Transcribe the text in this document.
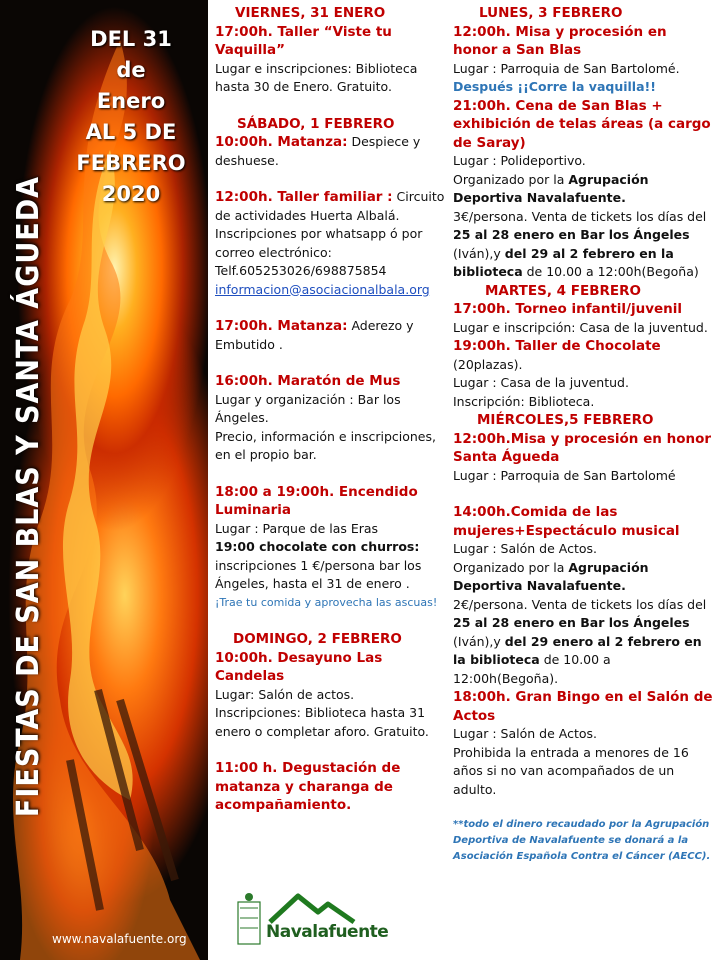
DEL 31 de
Enero
AL 5 DE
FEBRERO
2020
FIESTAS DE SAN BLAS Y SANTA ÁGUEDA
www.navalafuente.org
VIERNES, 31 ENERO
17:00h. Taller “Viste tu Vaquilla”
Lugar e inscripciones: Biblioteca hasta 30 de Enero. Gratuito.
SÁBADO, 1 FEBRERO
10:00h. Matanza: Despiece y deshuese.
12:00h. Taller familiar : Circuito de actividades Huerta Albalá. Inscripciones por whatsapp ó por correo electrónico: Telf.605253026/698875854
informacion@asociacionalbala.org
17:00h. Matanza: Aderezo y Embutido .
16:00h. Maratón de Mus
Lugar y organización : Bar los Ángeles.
Precio, información e inscripciones, en el propio bar.
18:00 a 19:00h. Encendido Luminaria
Lugar : Parque de las Eras
19:00 chocolate con churros: inscripciones 1 €/persona bar los Ángeles, hasta el 31 de enero .
¡Trae tu comida y aprovecha las ascuas!
DOMINGO, 2 FEBRERO
10:00h. Desayuno Las Candelas
Lugar: Salón de actos.
Inscripciones: Biblioteca hasta 31 enero o completar aforo. Gratuito.
11:00 h. Degustación de matanza y charanga de acompañamiento.
LUNES, 3 FEBRERO
12:00h. Misa y procesión en honor a San Blas
Lugar : Parroquia de San Bartolomé.
Después ¡¡Corre la vaquilla!!
21:00h. Cena de San Blas + exhibición de telas áreas (a cargo de Saray)
Lugar : Polideportivo.
Organizado por la Agrupación Deportiva Navalafuente.
3€/persona. Venta de tickets los días del 25 al 28 enero en Bar los Ángeles (Iván),y del 29 al 2 febrero en la biblioteca de 10.00 a 12:00h(Begoña)
MARTES, 4 FEBRERO
17:00h. Torneo infantil/juvenil
Lugar e inscripción: Casa de la juventud.
19:00h. Taller de Chocolate (20plazas).
Lugar : Casa de la juventud.
Inscripción: Biblioteca.
MIÉRCOLES,5 FEBRERO
12:00h.Misa y procesión en honor Santa Águeda
Lugar : Parroquia de San Bartolomé
14:00h.Comida de las mujeres+Espectáculo musical
Lugar : Salón de Actos.
Organizado por la Agrupación Deportiva Navalafuente.
2€/persona. Venta de tickets los días del 25 al 28 enero en Bar los Ángeles (Iván),y del 29 enero al 2 febrero en la biblioteca de 10.00 a 12:00h(Begoña).
18:00h. Gran Bingo en el Salón de Actos
Lugar : Salón de Actos.
Prohibida la entrada a menores de 16 años si no van acompañados de un adulto.
**todo el dinero recaudado por la Agrupación Deportiva de Navalafuente se donará a la Asociación Española Contra el Cáncer (AECC).
Navalafuente
